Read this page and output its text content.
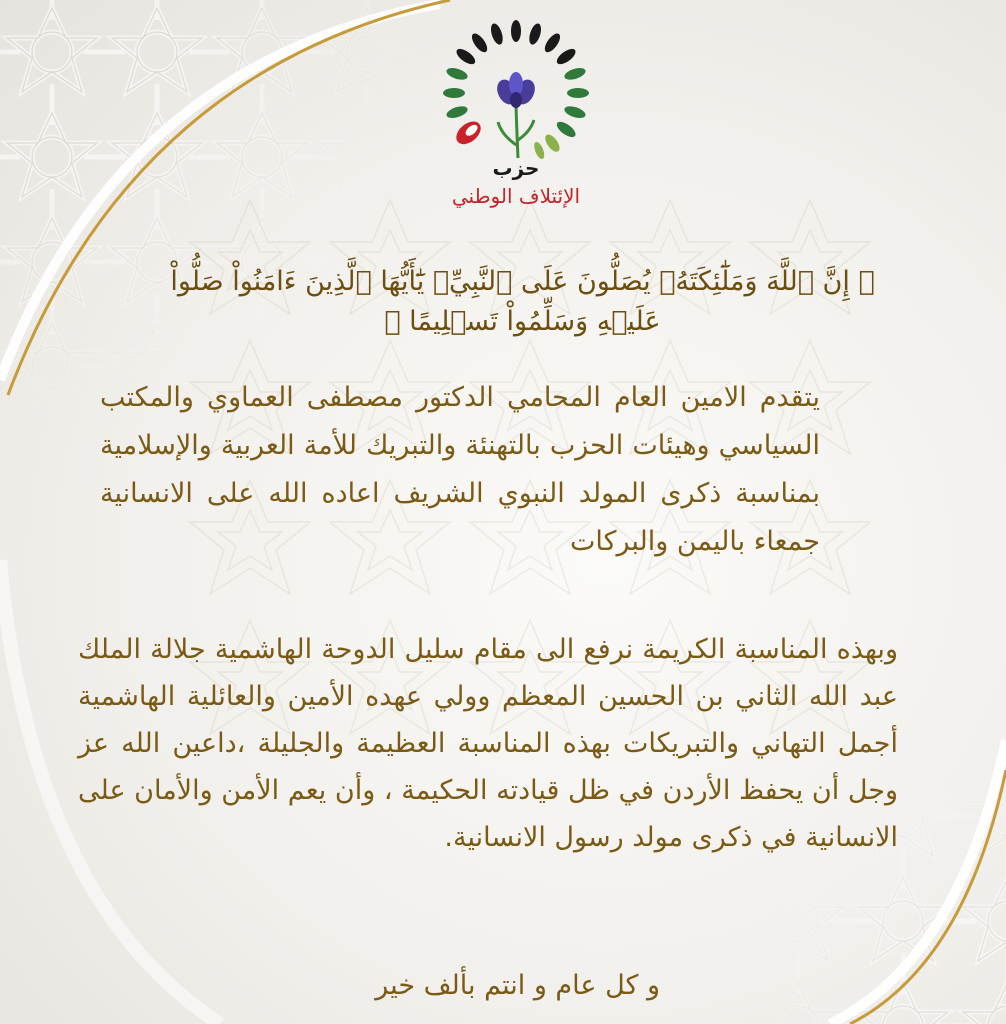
حزب
الإئتلاف الوطني
﴿ إِنَّ ٱللَّهَ وَمَلَٰٓئِكَتَهُۥ يُصَلُّونَ عَلَى ٱلنَّبِيِّۚ يَٰٓأَيُّهَا ٱلَّذِينَ ءَامَنُواْ صَلُّواْ عَلَيۡهِ وَسَلِّمُواْ تَسۡلِيمًا ﴾
يتقدم الامين العام المحامي الدكتور مصطفى العماوي والمكتب السياسي وهيئات الحزب بالتهنئة والتبريك للأمة العربية والإسلامية بمناسبة ذكرى المولد النبوي الشريف اعاده الله على الانسانية جمعاء باليمن والبركات
وبهذه المناسبة الكريمة نرفع الى مقام سليل الدوحة الهاشمية جلالة الملك عبد الله الثاني بن الحسين المعظم وولي عهده الأمين والعائلية الهاشمية أجمل التهاني والتبريكات بهذه المناسبة العظيمة والجليلة ،داعين الله عز وجل أن يحفظ الأردن في ظل قيادته الحكيمة ، وأن يعم الأمن والأمان على الانسانية في ذكرى مولد رسول الانسانية.
و كل عام و انتم بألف خير
